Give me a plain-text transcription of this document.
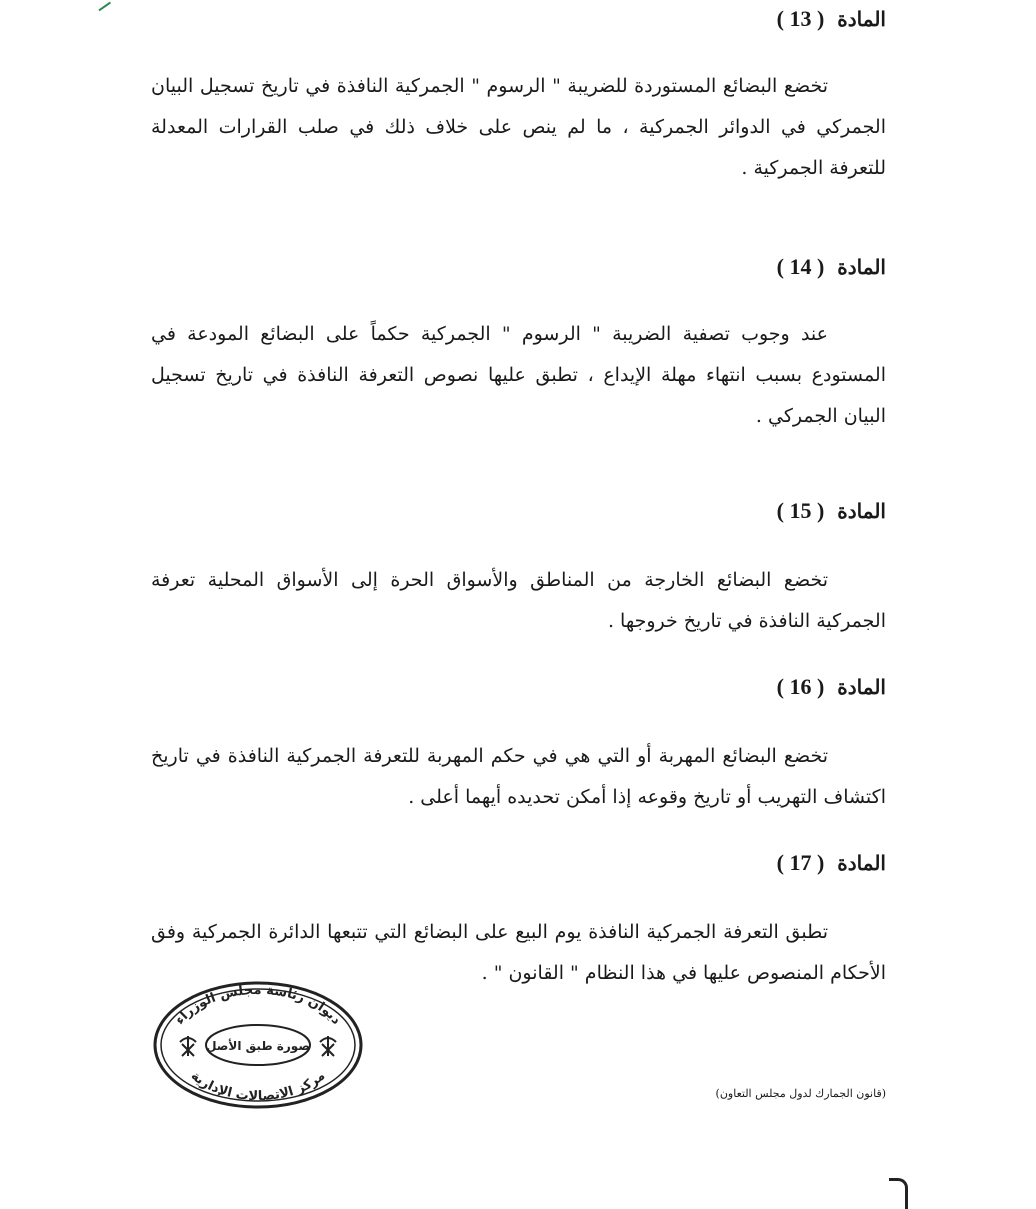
المادة ( 13 )
تخضع البضائع المستوردة للضريبة " الرسوم " الجمركية النافذة في تاريخ تسجيل البيان الجمركي في الدوائر الجمركية ، ما لم ينص على خلاف ذلك في صلب القرارات المعدلة للتعرفة الجمركية .
المادة ( 14 )
عند وجوب تصفية الضريبة " الرسوم " الجمركية حكماً على البضائع المودعة في المستودع بسبب انتهاء مهلة الإيداع ، تطبق عليها نصوص التعرفة النافذة في تاريخ تسجيل البيان الجمركي .
المادة ( 15 )
تخضع البضائع الخارجة من المناطق والأسواق الحرة إلى الأسواق المحلية تعرفة الجمركية النافذة في تاريخ خروجها .
المادة ( 16 )
تخضع البضائع المهربة أو التي هي في حكم المهربة للتعرفة الجمركية النافذة في تاريخ اكتشاف التهريب أو تاريخ وقوعه إذا أمكن تحديده أيهما أعلى .
المادة ( 17 )
تطبق التعرفة الجمركية النافذة يوم البيع على البضائع التي تتبعها الدائرة الجمركية وفق الأحكام المنصوص عليها في هذا النظام " القانون " .
ديوان رئاسة مجلس الوزراء
صورة طبق الأصل
مركز الاتصالات الإدارية
(قانون الجمارك لدول مجلس التعاون)
